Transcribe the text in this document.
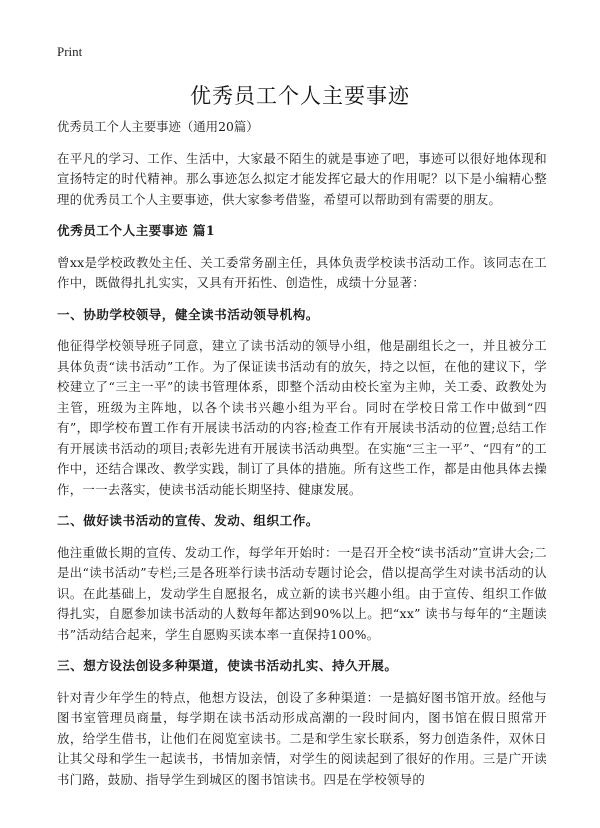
Print
优秀员工个人主要事迹

优秀员工个人主要事迹（通用20篇）

在平凡的学习、工作、生活中，大家最不陌生的就是事迹了吧，事迹可以很好地体现和宣扬特定的时代精神。那么事迹怎么拟定才能发挥它最大的作用呢？以下是小编精心整理的优秀员工个人主要事迹，供大家参考借鉴，希望可以帮助到有需要的朋友。

优秀员工个人主要事迹 篇1

曾xx是学校政教处主任、关工委常务副主任，具体负责学校读书活动工作。该同志在工作中，既做得扎扎实实，又具有开拓性、创造性，成绩十分显著：

一、协助学校领导，健全读书活动领导机构。

他征得学校领导班子同意，建立了读书活动的领导小组，他是副组长之一，并且被分工具体负责“读书活动”工作。为了保证读书活动有的放矢，持之以恒，在他的建议下，学校建立了“三主一平”的读书管理体系，即整个活动由校长室为主帅，关工委、政教处为主管，班级为主阵地，以各个读书兴趣小组为平台。同时在学校日常工作中做到“四有”，即学校布置工作有开展读书活动的内容;检查工作有开展读书活动的位置;总结工作有开展读书活动的项目;表彰先进有开展读书活动典型。在实施“三主一平”、“四有”的工作中，还结合课改、教学实践，制订了具体的措施。所有这些工作，都是由他具体去操作，一一去落实，使读书活动能长期坚持、健康发展。

二、做好读书活动的宣传、发动、组织工作。

他注重做长期的宣传、发动工作，每学年开始时：一是召开全校“读书活动”宣讲大会;二是出“读书活动”专栏;三是各班举行读书活动专题讨论会，借以提高学生对读书活动的认识。在此基础上，发动学生自愿报名，成立新的读书兴趣小组。由于宣传、组织工作做得扎实，自愿参加读书活动的人数每年都达到90%以上。把“xx” 读书与每年的“主题读书”活动结合起来，学生自愿购买读本率一直保持100%。

三、想方设法创设多种渠道，使读书活动扎实、持久开展。

针对青少年学生的特点，他想方设法，创设了多种渠道：一是搞好图书馆开放。经他与图书室管理员商量，每学期在读书活动形成高潮的一段时间内，图书馆在假日照常开放，给学生借书，让他们在阅览室读书。二是和学生家长联系，努力创造条件，双休日让其父母和学生一起读书，书情加亲情，对学生的阅读起到了很好的作用。三是广开读书门路，鼓励、指导学生到城区的图书馆读书。四是在学校领导的
